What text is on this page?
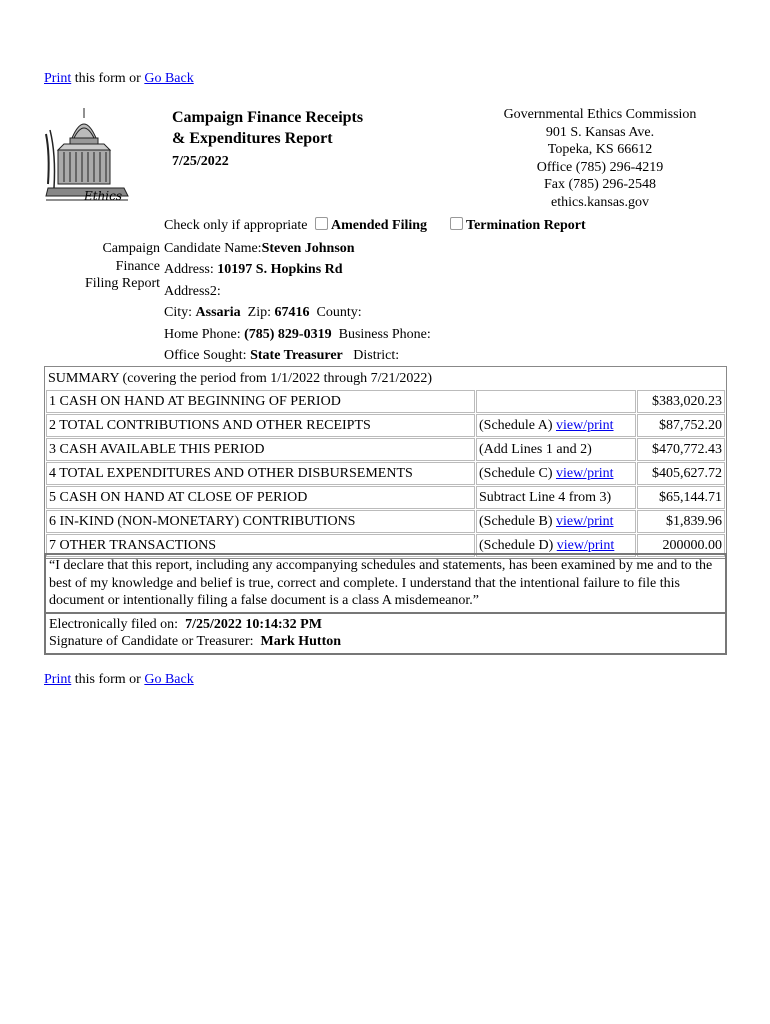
Print this form or Go Back
Ethics
Campaign Finance Receipts
& Expenditures Report
7/25/2022
Governmental Ethics Commission
901 S. Kansas Ave.
Topeka, KS 66612
Office (785) 296-4219
Fax (785) 296-2548
ethics.kansas.gov
Check only if appropriate Amended Filing	Termination Report
Campaign
Finance
Filing Report
Candidate Name:Steven Johnson
Address: 10197 S. Hopkins Rd
Address2:
City: Assaria Zip: 67416 County:
Home Phone: (785) 829-0319 Business Phone:
Office Sought: State Treasurer District:
SUMMARY (covering the period from 1/1/2022 through 7/21/2022)		
1 CASH ON HAND AT BEGINNING OF PERIOD		$383,020.23
2 TOTAL CONTRIBUTIONS AND OTHER RECEIPTS	(Schedule A) view/print	$87,752.20
3 CASH AVAILABLE THIS PERIOD	(Add Lines 1 and 2)	$470,772.43
4 TOTAL EXPENDITURES AND OTHER DISBURSEMENTS	(Schedule C) view/print	$405,627.72
5 CASH ON HAND AT CLOSE OF PERIOD	Subtract Line 4 from 3)	$65,144.71
6 IN-KIND (NON-MONETARY) CONTRIBUTIONS	(Schedule B) view/print	$1,839.96
7 OTHER TRANSACTIONS	(Schedule D) view/print	200000.00
“I declare that this report, including any accompanying schedules and statements, has been examined by me and to the best of my knowledge and belief is true, correct and complete. I understand that the intentional failure to file this document or intentionally filing a false document is a class A misdemeanor.”
Electronically filed on:  7/25/2022 10:14:32 PM
Signature of Candidate or Treasurer:  Mark Hutton
Print this form or Go Back
